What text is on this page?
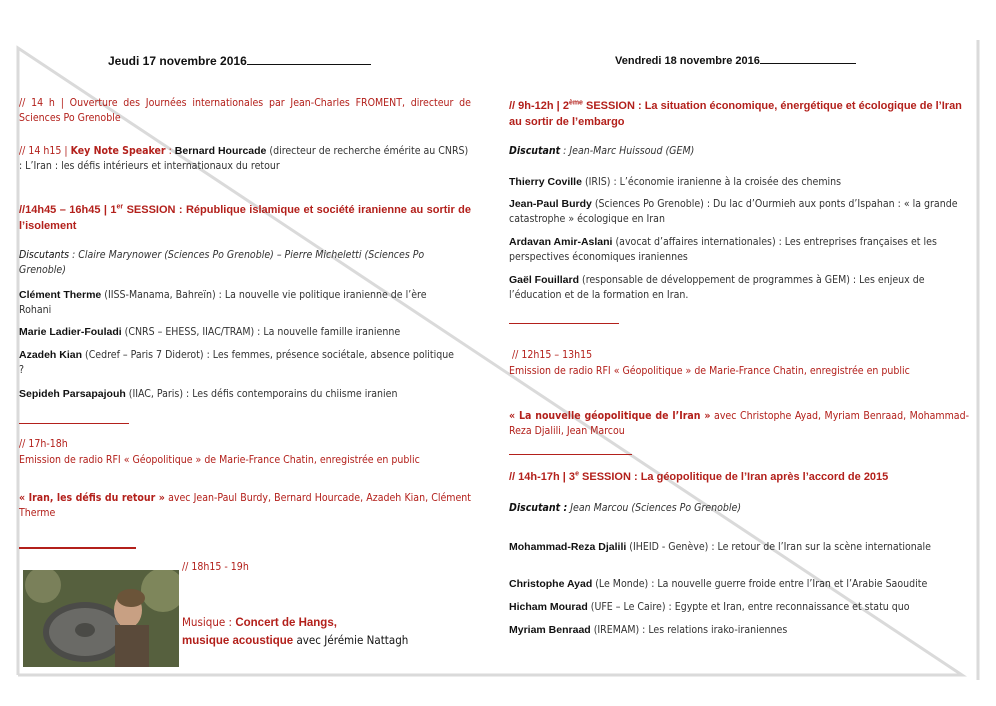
Jeudi 17 novembre 2016

// 14 h | Ouverture des Journées internationales par Jean-Charles FROMENT, directeur de Sciences Po Grenoble

// 14 h15 | Key Note Speaker : Bernard Hourcade (directeur de recherche émérite au CNRS) : L’Iran : les défis intérieurs et internationaux du retour

//14h45 – 16h45 | 1er SESSION : République islamique et société iranienne au sortir de l’isolement

Discutants : Claire Marynower (Sciences Po Grenoble) – Pierre Micheletti (Sciences Po Grenoble)

Clément Therme (IISS-Manama, Bahreïn) : La nouvelle vie politique iranienne de l’ère Rohani

Marie Ladier-Fouladi (CNRS – EHESS, IIAC/TRAM) : La nouvelle famille iranienne

Azadeh Kian (Cedref – Paris 7 Diderot) : Les femmes, présence sociétale, absence politique ?

Sepideh Parsapajouh (IIAC, Paris) : Les défis contemporains du chiisme iranien

// 17h-18h

Emission de radio RFI « Géopolitique » de Marie-France Chatin, enregistrée en public

« Iran, les défis du retour » avec Jean-Paul Burdy, Bernard Hourcade, Azadeh Kian, Clément Therme

// 18h15 - 19h

Musique : Concert de Hangs,
musique acoustique avec Jérémie Nattagh

Vendredi 18 novembre 2016

// 9h-12h | 2ème SESSION : La situation économique, énergétique et écologique de l’Iran au sortir de l’embargo

Discutant : Jean-Marc Huissoud (GEM)

Thierry Coville (IRIS) : L’économie iranienne à la croisée des chemins

Jean-Paul Burdy (Sciences Po Grenoble) : Du lac d’Ourmieh aux ponts d’Ispahan : « la grande catastrophe » écologique en Iran

Ardavan Amir-Aslani (avocat d’affaires internationales) : Les entreprises françaises et les perspectives économiques iraniennes

Gaël Fouillard (responsable de développement de programmes à GEM) : Les enjeux de l’éducation et de la formation en Iran.

// 12h15 – 13h15

Emission de radio RFI « Géopolitique » de Marie-France Chatin, enregistrée en public

« La nouvelle géopolitique de l’Iran » avec Christophe Ayad, Myriam Benraad, Mohammad-Reza Djalili, Jean Marcou

// 14h-17h | 3e SESSION : La géopolitique de l’Iran après l’accord de 2015

Discutant : Jean Marcou (Sciences Po Grenoble)

Mohammad-Reza Djalili (IHEID - Genève) : Le retour de l’Iran sur la scène internationale

Christophe Ayad (Le Monde) : La nouvelle guerre froide entre l’Iran et l’Arabie Saoudite

Hicham Mourad (UFE – Le Caire) : Egypte et Iran, entre reconnaissance et statu quo

Myriam Benraad (IREMAM) : Les relations irako-iraniennes
